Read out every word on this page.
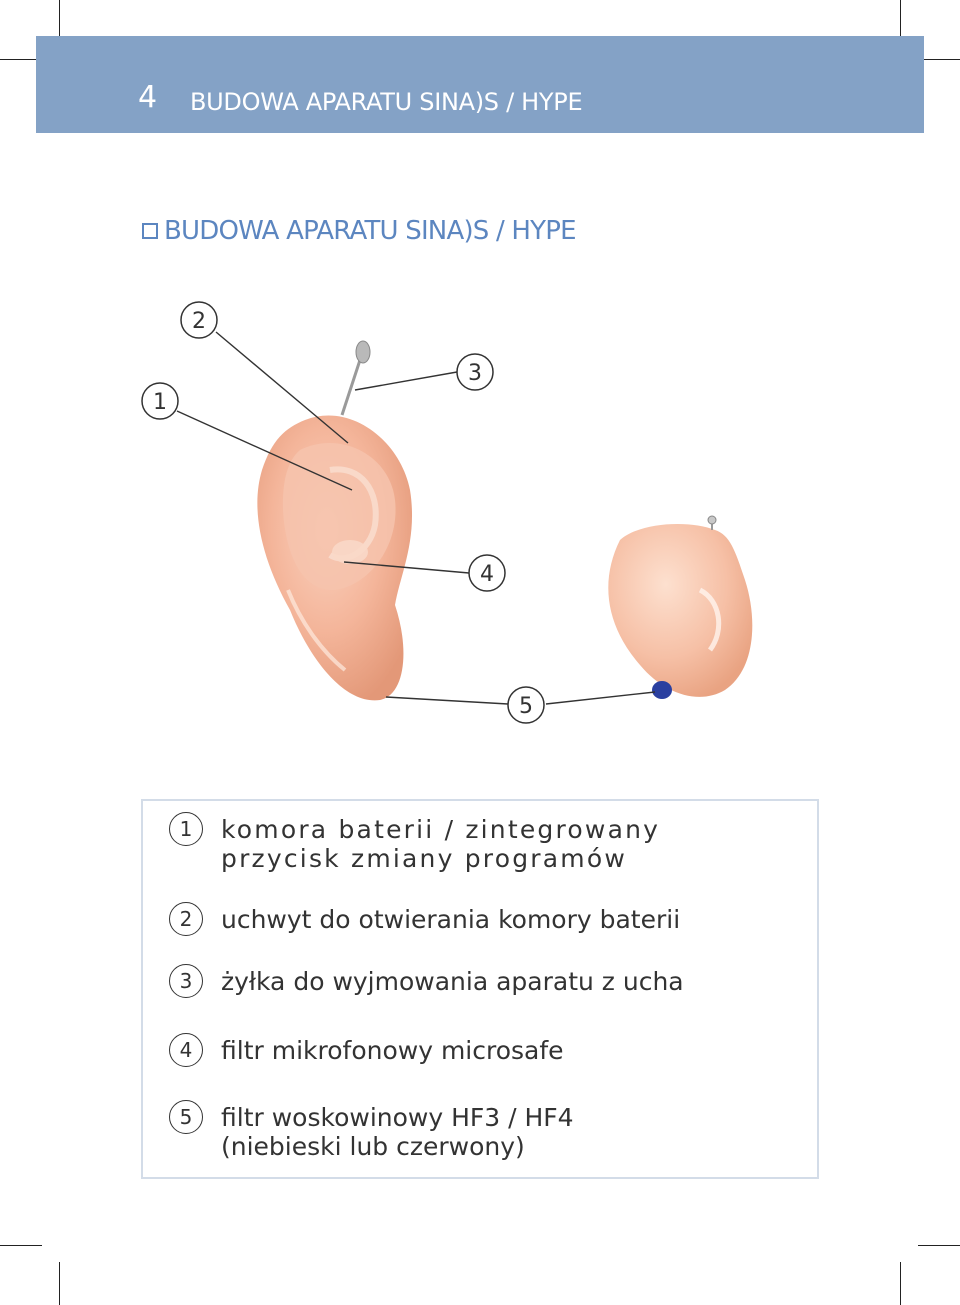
4 BUDOWA APARATU SINA)S / HYPE
BUDOWA APARATU SINA)S / HYPE
1
2
3
4
5
1	komora baterii / zintegrowany przycisk zmiany programów
2	uchwyt do otwierania komory baterii
3	żyłka do wyjmowania aparatu z ucha
4	filtr mikrofonowy microsafe
5	filtr woskowinowy HF3 / HF4 (niebieski lub czerwony)
